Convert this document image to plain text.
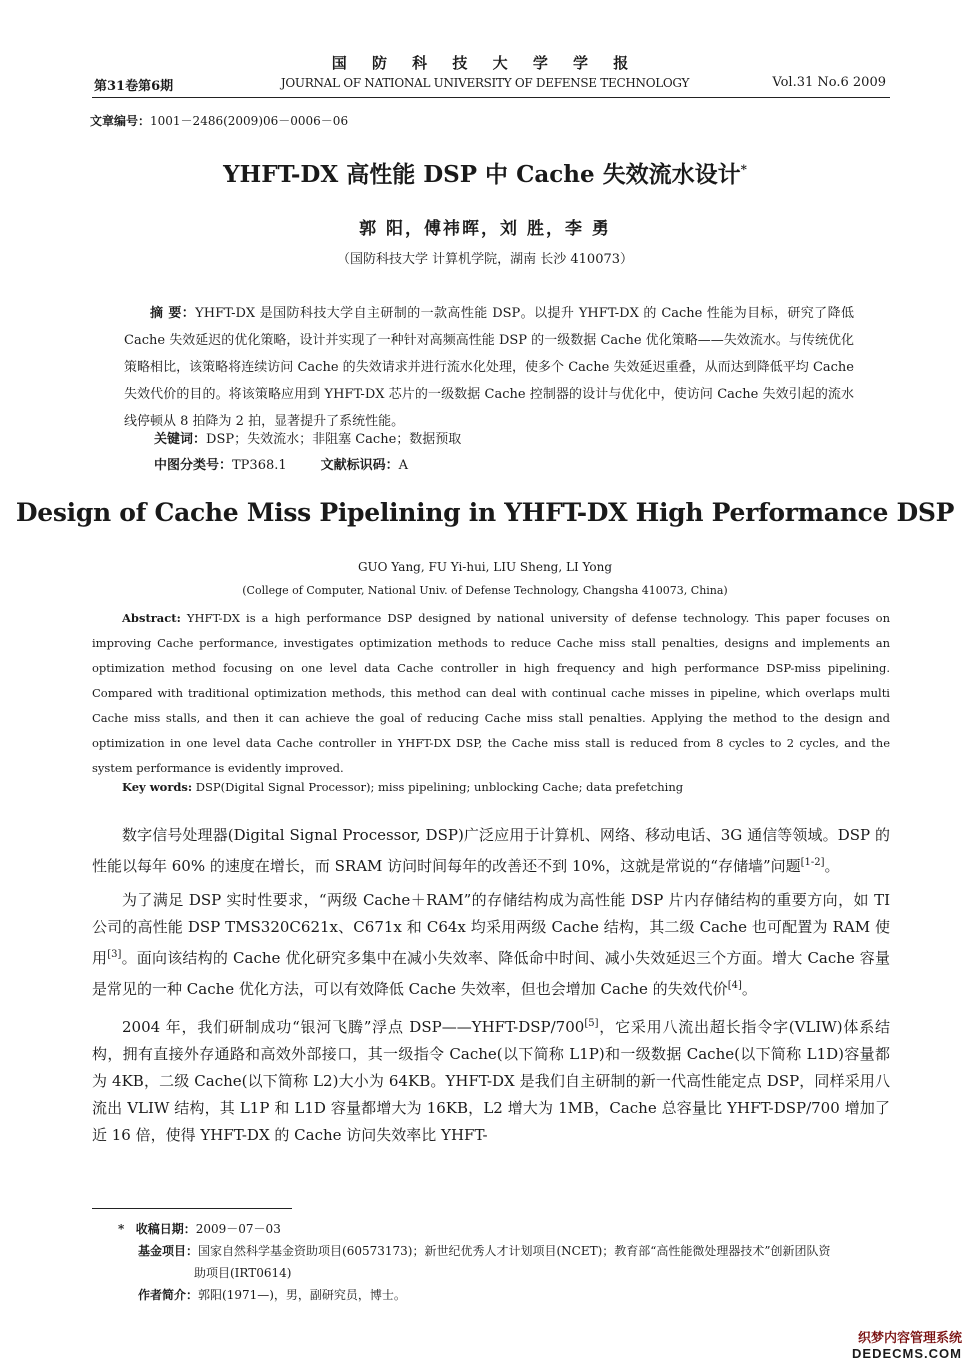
国 防 科 技 大 学 学 报
第31卷第6期	JOURNAL OF NATIONAL UNIVERSITY OF DEFENSE TECHNOLOGY	Vol.31 No.6 2009
文章编号：1001－2486(2009)06－0006－06
YHFT-DX 高性能 DSP 中 Cache 失效流水设计*
郭 阳，傅祎晖，刘 胜，李 勇
（国防科技大学 计算机学院，湖南 长沙 410073）
摘 要：YHFT-DX 是国防科技大学自主研制的一款高性能 DSP。以提升 YHFT-DX 的 Cache 性能为目标，研究了降低 Cache 失效延迟的优化策略，设计并实现了一种针对高频高性能 DSP 的一级数据 Cache 优化策略——失效流水。与传统优化策略相比，该策略将连续访问 Cache 的失效请求并进行流水化处理，使多个 Cache 失效延迟重叠，从而达到降低平均 Cache 失效代价的目的。将该策略应用到 YHFT-DX 芯片的一级数据 Cache 控制器的设计与优化中，使访问 Cache 失效引起的流水线停顿从 8 拍降为 2 拍，显著提升了系统性能。
关键词：DSP；失效流水；非阻塞 Cache；数据预取
中图分类号：TP368.1	文献标识码：A
Design of Cache Miss Pipelining in YHFT-DX High Performance DSP
GUO Yang, FU Yi-hui, LIU Sheng, LI Yong
(College of Computer, National Univ. of Defense Technology, Changsha 410073, China)
Abstract: YHFT-DX is a high performance DSP designed by national university of defense technology. This paper focuses on improving Cache performance, investigates optimization methods to reduce Cache miss stall penalties, designs and implements an optimization method focusing on one level data Cache controller in high frequency and high performance DSP-miss pipelining. Compared with traditional optimization methods, this method can deal with continual cache misses in pipeline, which overlaps multi Cache miss stalls, and then it can achieve the goal of reducing Cache miss stall penalties. Applying the method to the design and optimization in one level data Cache controller in YHFT-DX DSP, the Cache miss stall is reduced from 8 cycles to 2 cycles, and the system performance is evidently improved.
Key words: DSP(Digital Signal Processor); miss pipelining; unblocking Cache; data prefetching

数字信号处理器(Digital Signal Processor, DSP)广泛应用于计算机、网络、移动电话、3G 通信等领域。DSP 的性能以每年 60% 的速度在增长，而 SRAM 访问时间每年的改善还不到 10%，这就是常说的“存储墙”问题[1-2]。

为了满足 DSP 实时性要求，“两级 Cache＋RAM”的存储结构成为高性能 DSP 片内存储结构的重要方向，如 TI 公司的高性能 DSP TMS320C621x、C671x 和 C64x 均采用两级 Cache 结构，其二级 Cache 也可配置为 RAM 使用[3]。面向该结构的 Cache 优化研究多集中在减小失效率、降低命中时间、减小失效延迟三个方面。增大 Cache 容量是常见的一种 Cache 优化方法，可以有效降低 Cache 失效率，但也会增加 Cache 的失效代价[4]。

2004 年，我们研制成功“银河飞腾”浮点 DSP——YHFT-DSP/700[5]，它采用八流出超长指令字(VLIW)体系结构，拥有直接外存通路和高效外部接口，其一级指令 Cache(以下简称 L1P)和一级数据 Cache(以下简称 L1D)容量都为 4KB，二级 Cache(以下简称 L2)大小为 64KB。YHFT-DX 是我们自主研制的新一代高性能定点 DSP，同样采用八流出 VLIW 结构，其 L1P 和 L1D 容量都增大为 16KB，L2 增大为 1MB，Cache 总容量比 YHFT-DSP/700 增加了近 16 倍，使得 YHFT-DX 的 Cache 访问失效率比 YHFT-

* 收稿日期：2009－07－03
基金项目：国家自然科学基金资助项目(60573173)；新世纪优秀人才计划项目(NCET)；教育部“高性能微处理器技术”创新团队资
助项目(IRT0614)
作者简介：郭阳(1971—)，男，副研究员，博士。
织梦内容管理系统
DEDECMS.COM
